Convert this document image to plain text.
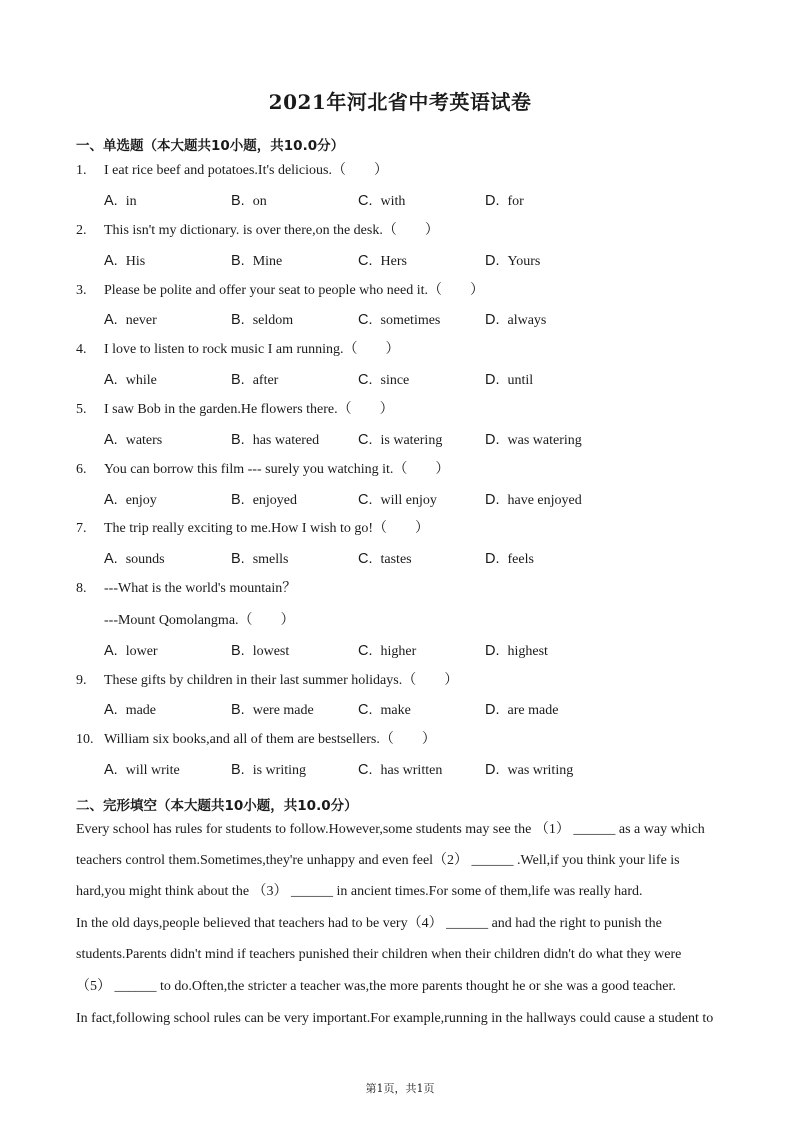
2021年河北省中考英语试卷
一、单选题（本大题共10小题，共10.0分）
1. I eat rice beef and potatoes.It's delicious.（　　）
A. in	B. on	C. with	D. for
2. This isn't my dictionary. is over there,on the desk.（　　）
A. His	B. Mine	C. Hers	D. Yours
3. Please be polite and offer your seat to people who need it.（　　）
A. never	B. seldom	C. sometimes	D. always
4. I love to listen to rock music I am running.（　　）
A. while	B. after	C. since	D. until
5. I saw Bob in the garden.He flowers there.（　　）
A. waters	B. has watered	C. is watering	D. was watering
6. You can borrow this film --- surely you watching it.（　　）
A. enjoy	B. enjoyed	C. will enjoy	D. have enjoyed
7. The trip really exciting to me.How I wish to go!（　　）
A. sounds	B. smells	C. tastes	D. feels
8. ---What is the world's mountain？
---Mount Qomolangma.（　　）
A. lower	B. lowest	C. higher	D. highest
9. These gifts by children in their last summer holidays.（　　）
A. made	B. were made	C. make	D. are made
10. William six books,and all of them are bestsellers.（　　）
A. will write	B. is writing	C. has written	D. was writing
二、完形填空（本大题共10小题，共10.0分）
Every school has rules for students to follow.However,some students may see the （1） ______ as a way which
teachers control them.Sometimes,they're unhappy and even feel（2） ______ .Well,if you think your life is
hard,you might think about the （3） ______ in ancient times.For some of them,life was really hard.
In the old days,people believed that teachers had to be very（4） ______ and had the right to punish the
students.Parents didn't mind if teachers punished their children when their children didn't do what they were
（5） ______ to do.Often,the stricter a teacher was,the more parents thought he or she was a good teacher.
In fact,following school rules can be very important.For example,running in the hallways could cause a student to
第1页，共1页
